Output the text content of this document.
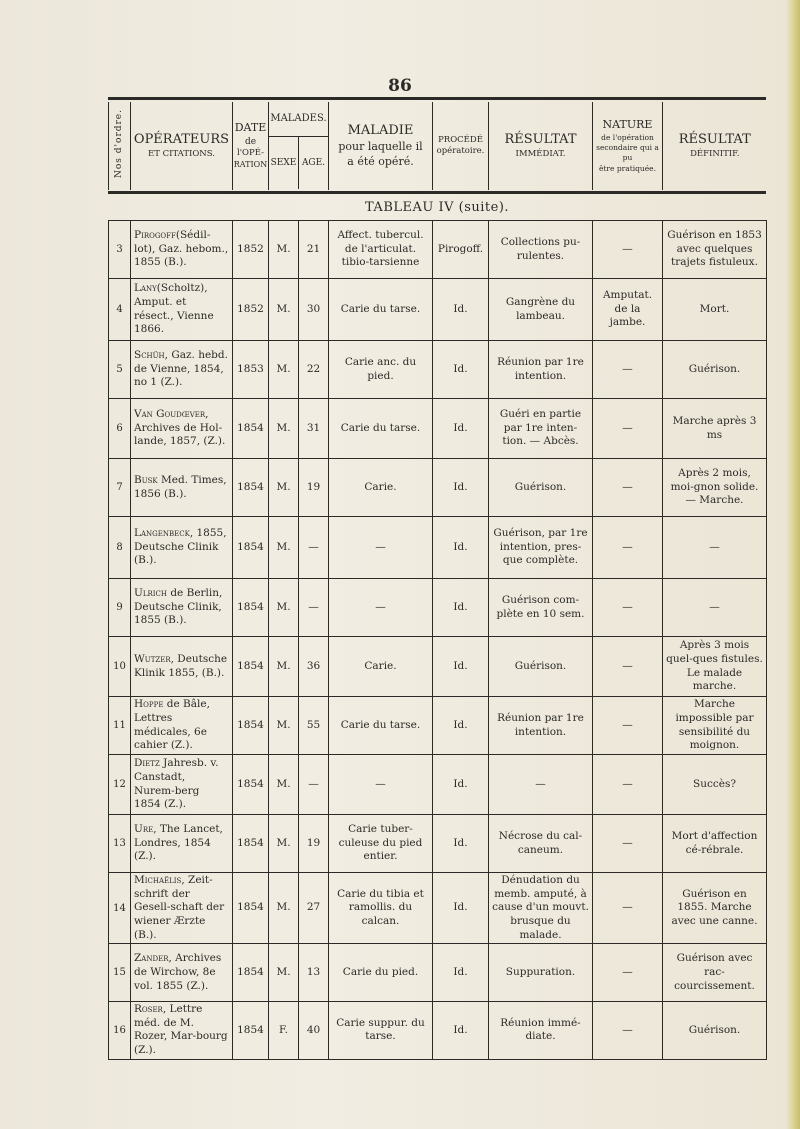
86
Nos d'ordre.	OPÉRATEURS
ET CITATIONS.

DATE
de
l'OPÉ-
RATION

MALADES.
SEXE AGE.

MALADIE
pour laquelle il
a été opéré.

PROCÉDÉ
opératoire.

RÉSULTAT
IMMÉDIAT.

NATURE
de l'opération
secondaire qui a pu
être pratiquée.

RÉSULTAT
DÉFINITIF.
TABLEAU IV (suite).
3	Pirogoff(Sédil-lot), Gaz. hebom., 1855 (B.).	1852	M.	21	Affect. tubercul. de l'articulat. tibio-tarsienne	Pirogoff.	Collections pu-rulentes.	—	Guérison en 1853 avec quelques trajets fistuleux.
4	Lany(Scholtz), Amput. et résect., Vienne 1866.	1852	M.	30	Carie du tarse.	Id.	Gangrène du lambeau.	Amputat. de la jambe.	Mort.
5	Schüh, Gaz. hebd. de Vienne, 1854, no 1 (Z.).	1853	M.	22	Carie anc. du pied.	Id.	Réunion par 1re intention.	—	Guérison.
6	Van Goudœver, Archives de Hol-lande, 1857, (Z.).	1854	M.	31	Carie du tarse.	Id.	Guéri en partie par 1re inten-tion. — Abcès.	—	Marche après 3 ms
7	Busk Med. Times, 1856 (B.).	1854	M.	19	Carie.	Id.	Guérison.	—	Après 2 mois, moi-gnon solide. — Marche.
8	Langenbeck, 1855, Deutsche Clinik (B.).	1854	M.	—	—	Id.	Guérison, par 1re intention, pres-que complète.	—	—
9	Ulrich de Berlin, Deutsche Clinik, 1855 (B.).	1854	M.	—	—	Id.	Guérison com-plète en 10 sem.	—	—
10	Wutzer, Deutsche Klinik 1855, (B.).	1854	M.	36	Carie.	Id.	Guérison.	—	Après 3 mois quel-ques fistules. Le malade marche.
11	Hoppe de Bâle, Lettres médicales, 6e cahier (Z.).	1854	M.	55	Carie du tarse.	Id.	Réunion par 1re intention.	—	Marche impossible par sensibilité du moignon.
12	Dietz Jahresb. v. Canstadt, Nurem-berg 1854 (Z.).	1854	M.	—	—	Id.	—	—	Succès?
13	Ure, The Lancet, Londres, 1854 (Z.).	1854	M.	19	Carie tuber-culeuse du pied entier.	Id.	Nécrose du cal-caneum.	—	Mort d'affection cé-rébrale.
14	Michaëlis, Zeit-schrift der Gesell-schaft der wiener Ærzte (B.).	1854	M.	27	Carie du tibia et ramollis. du calcan.	Id.	Dénudation du memb. amputé, à cause d'un mouvt. brusque du malade.	—	Guérison en 1855. Marche avec une canne.
15	Zander, Archives de Wirchow, 8e vol. 1855 (Z.).	1854	M.	13	Carie du pied.	Id.	Suppuration.	—	Guérison avec rac-courcissement.
16	Roser, Lettre méd. de M. Rozer, Mar-bourg (Z.).	1854	F.	40	Carie suppur. du tarse.	Id.	Réunion immé-diate.	—	Guérison.
